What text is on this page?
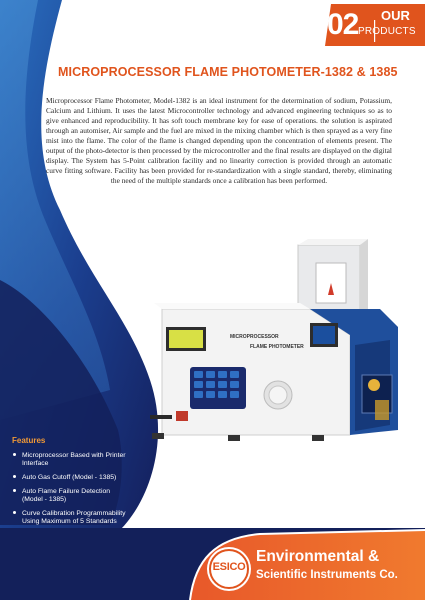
02 OUR
PRODUCTS
MICROPROCESSOR FLAME PHOTOMETER-1382 & 1385

Microprocessor Flame Photometer, Model-1382 is an ideal instrument for the determination of sodium, Potassium, Calcium and Lithium. It uses the latest Microcontroller technology and advanced engineering techniques so as to give enhanced and reproducibility. It has soft touch membrane key for ease of operations. the solution is aspirated through an automiser, Air sample and the fuel are mixed in the mixing chamber which is then sprayed as a very fine mist into the flame. The color of the flame is changed depending upon the concentration of elements present. The output of the photo-detector is then processed by the microcontroller and the final results are displayed on the digital display. The System has 5-Point calibration facility and no linearity correction is provided through an automatic curve fitting software. Facility has been provided for re-standardization with a single standard, thereby, eliminating the need of the multiple standards once a calibration has been performed.

MICROPROCESSOR
FLAME PHOTOMETER
Features
Microprocessor Based with Printer Interface
Auto Gas Cutoff (Model - 1385)
Auto Flame Failure Detection (Model - 1385)
Curve Calibration Programmability Using Maximum of 5 Standards
ESICO
Environmental &
Scientific Instruments Co.
